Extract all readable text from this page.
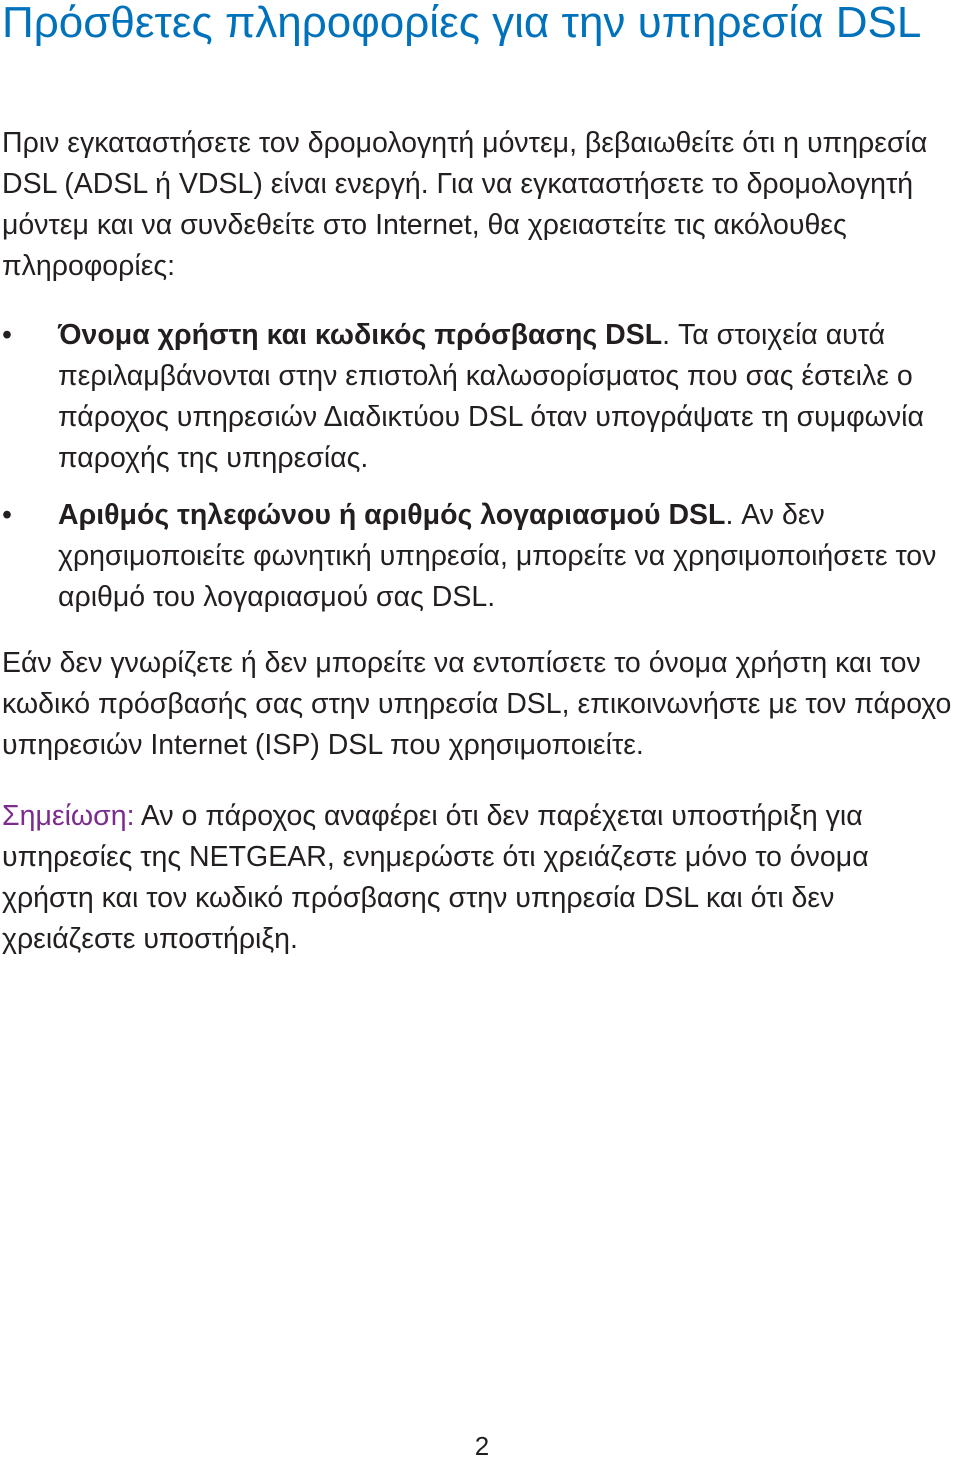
Πρόσθετες πληροφορίες για την υπηρεσία DSL

Πριν εγκαταστήσετε τον δρομολογητή μόντεμ, βεβαιωθείτε ότι η υπηρεσία DSL (ADSL ή VDSL) είναι ενεργή. Για να εγκαταστήσετε το δρομολογητή μόντεμ και να συνδεθείτε στο Internet, θα χρειαστείτε τις ακόλουθες πληροφορίες:

•	Όνομα χρήστη και κωδικός πρόσβασης DSL. Τα στοιχεία αυτά περιλαμβάνονται στην επιστολή καλωσορίσματος που σας έστειλε ο πάροχος υπηρεσιών Διαδικτύου DSL όταν υπογράψατε τη συμφωνία παροχής της υπηρεσίας.
•	Αριθμός τηλεφώνου ή αριθμός λογαριασμού DSL. Αν δεν χρησιμοποιείτε φωνητική υπηρεσία, μπορείτε να χρησιμοποιήσετε τον αριθμό του λογαριασμού σας DSL.

Εάν δεν γνωρίζετε ή δεν μπορείτε να εντοπίσετε το όνομα χρήστη και τον κωδικό πρόσβασής σας στην υπηρεσία DSL, επικοινωνήστε με τον πάροχο υπηρεσιών Internet (ISP) DSL που χρησιμοποιείτε.

Σημείωση: Αν ο πάροχος αναφέρει ότι δεν παρέχεται υποστήριξη για υπηρεσίες της NETGEAR, ενημερώστε ότι χρειάζεστε μόνο το όνομα χρήστη και τον κωδικό πρόσβασης στην υπηρεσία DSL και ότι δεν χρειάζεστε υποστήριξη.

2
